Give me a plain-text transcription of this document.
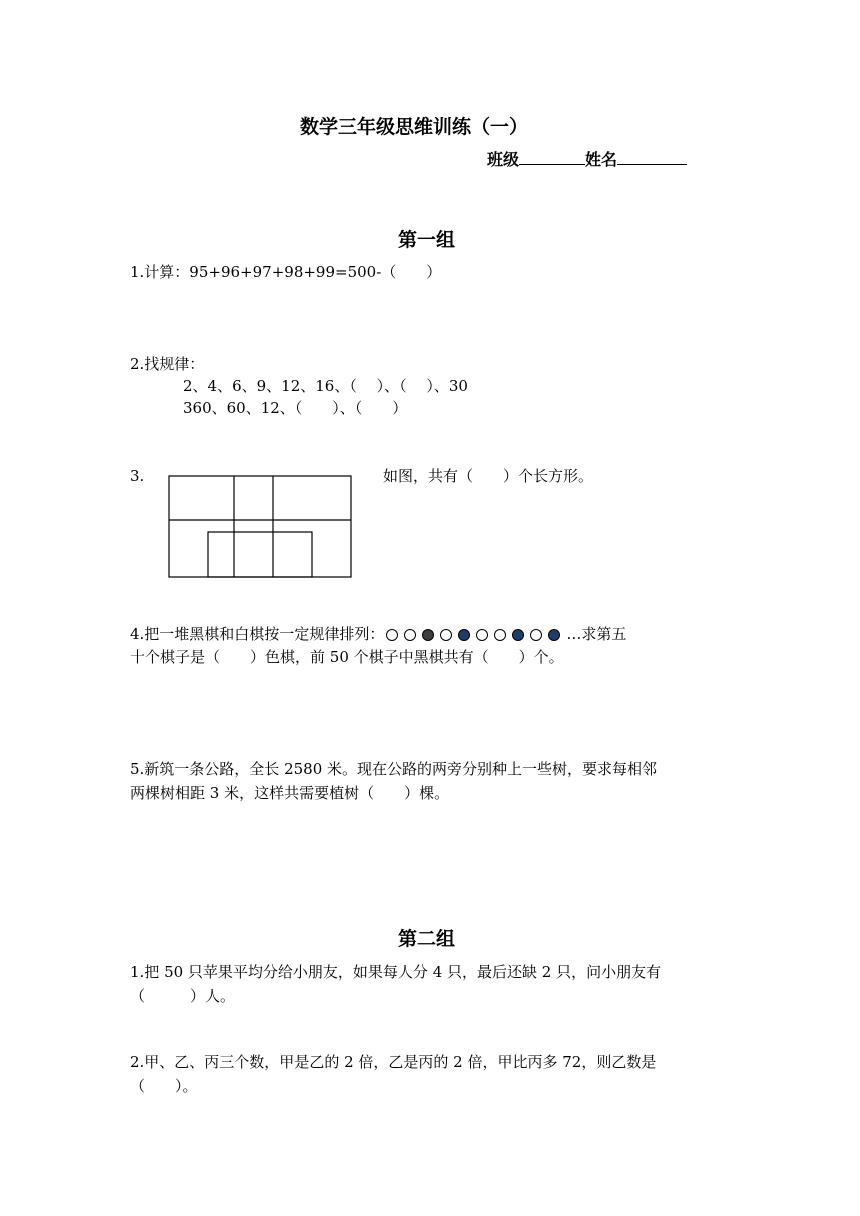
数学三年级思维训练（一）
班级	姓名
第一组
1.计算：95+96+97+98+99=500-（　　）
2.找规律：
2、4、6、9、12、16、（　 ）、（　 ）、30
360、60、12、（　　）、（　　）
3.	如图，共有（　　）个长方形。
4.把一堆黑棋和白棋按一定规律排列：	…求第五
十个棋子是（　　）色棋，前 50 个棋子中黑棋共有（　　）个。
5.新筑一条公路，全长 2580 米。现在公路的两旁分别种上一些树，要求每相邻
两棵树相距 3 米，这样共需要植树（　　）棵。
第二组
1.把 50 只苹果平均分给小朋友，如果每人分 4 只，最后还缺 2 只，问小朋友有
（　　　）人。
2.甲、乙、丙三个数，甲是乙的 2 倍，乙是丙的 2 倍，甲比丙多 72，则乙数是
（　　）。
